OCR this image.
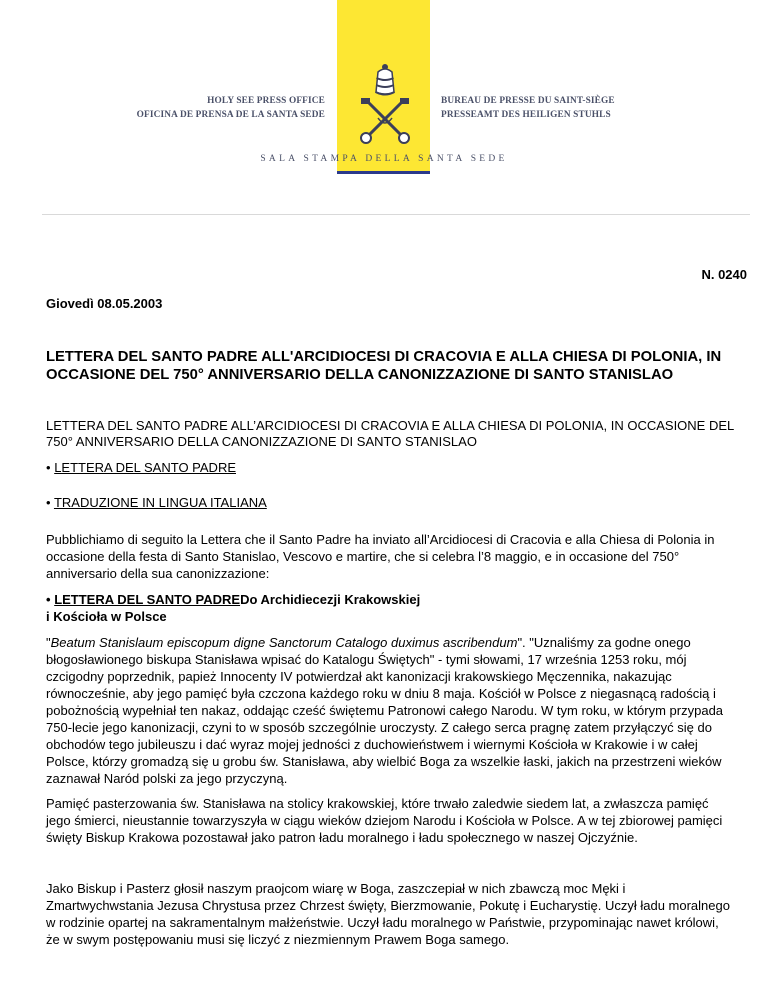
HOLY SEE PRESS OFFICE
OFICINA DE PRENSA DE LA SANTA SEDE
BUREAU DE PRESSE DU SAINT-SIÈGE
PRESSEAMT DES HEILIGEN STUHLS
SALA STAMPA DELLA SANTA SEDE
N. 0240
Giovedì 08.05.2003
LETTERA DEL SANTO PADRE ALL'ARCIDIOCESI DI CRACOVIA E ALLA CHIESA DI POLONIA, IN OCCASIONE DEL 750° ANNIVERSARIO DELLA CANONIZZAZIONE DI SANTO STANISLAO
LETTERA DEL SANTO PADRE ALL’ARCIDIOCESI DI CRACOVIA E ALLA CHIESA DI POLONIA, IN OCCASIONE DEL 750° ANNIVERSARIO DELLA CANONIZZAZIONE DI SANTO STANISLAO
• LETTERA DEL SANTO PADRE
• TRADUZIONE IN LINGUA ITALIANA
Pubblichiamo di seguito la Lettera che il Santo Padre ha inviato all’Arcidiocesi di Cracovia e alla Chiesa di Polonia in occasione della festa di Santo Stanislao, Vescovo e martire, che si celebra l’8 maggio, e in occasione del 750° anniversario della sua canonizzazione:
• LETTERA DEL SANTO PADREDo Archidiecezji Krakowskiej
i Kościoła w Polsce
"Beatum Stanislaum episcopum digne Sanctorum Catalogo duximus ascribendum". "Uznaliśmy za godne onego błogosławionego biskupa Stanisława wpisać do Katalogu Świętych" - tymi słowami, 17 września 1253 roku, mój czcigodny poprzednik, papież Innocenty IV potwierdzał akt kanonizacji krakowskiego Męczennika, nakazując równocześnie, aby jego pamięć była czczona każdego roku w dniu 8 maja. Kościół w Polsce z niegasnącą radością i pobożnością wypełniał ten nakaz, oddając cześć świętemu Patronowi całego Narodu. W tym roku, w którym przypada 750-lecie jego kanonizacji, czyni to w sposób szczególnie uroczysty. Z całego serca pragnę zatem przyłączyć się do obchodów tego jubileuszu i dać wyraz mojej jedności z duchowieństwem i wiernymi Kościoła w Krakowie i w całej Polsce, którzy gromadzą się u grobu św. Stanisława, aby wielbić Boga za wszelkie łaski, jakich na przestrzeni wieków zaznawał Naród polski za jego przyczyną.
Pamięć pasterzowania św. Stanisława na stolicy krakowskiej, które trwało zaledwie siedem lat, a zwłaszcza pamięć jego śmierci, nieustannie towarzyszyła w ciągu wieków dziejom Narodu i Kościoła w Polsce. A w tej zbiorowej pamięci święty Biskup Krakowa pozostawał jako patron ładu moralnego i ładu społecznego w naszej Ojczyźnie.
Jako Biskup i Pasterz głosił naszym praojcom wiarę w Boga, zaszczepiał w nich zbawczą moc Męki i Zmartwychwstania Jezusa Chrystusa przez Chrzest święty, Bierzmowanie, Pokutę i Eucharystię. Uczył ładu moralnego w rodzinie opartej na sakramentalnym małżeństwie. Uczył ładu moralnego w Państwie, przypominając nawet królowi, że w swym postępowaniu musi się liczyć z niezmiennym Prawem Boga samego.
